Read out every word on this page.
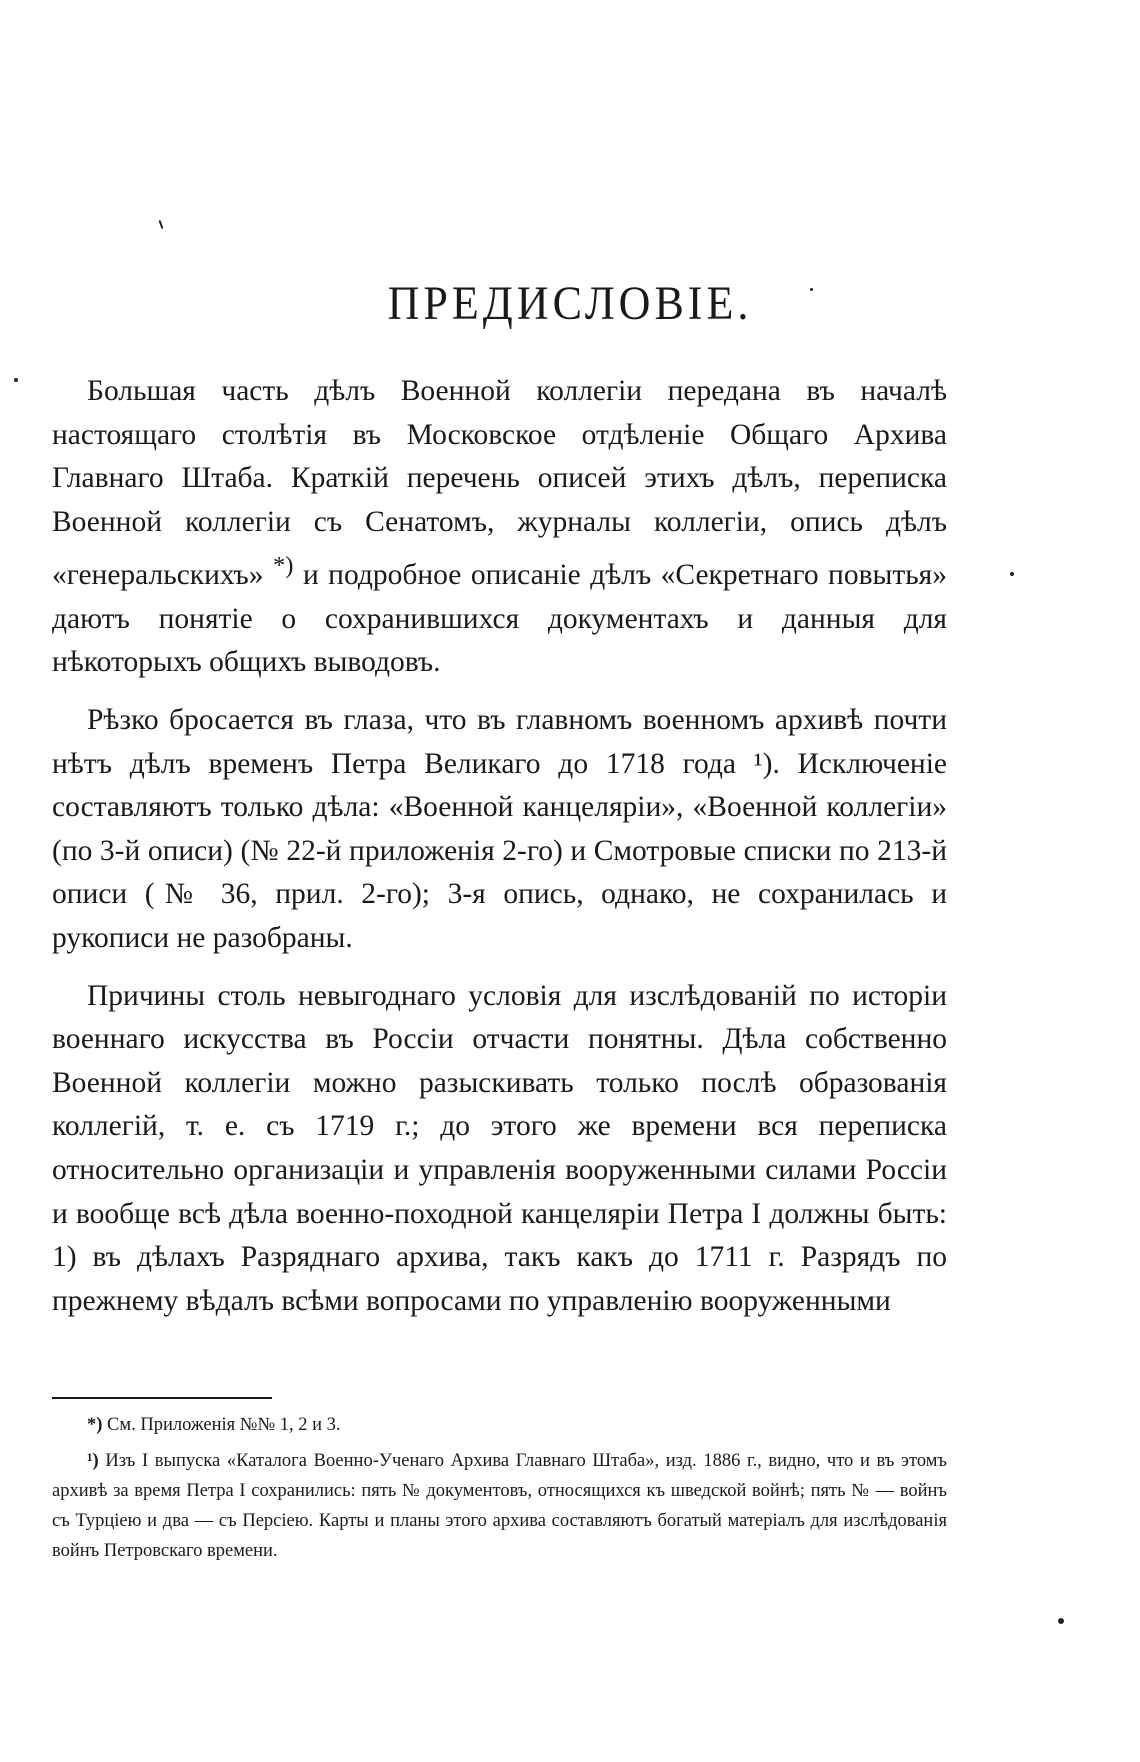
ПРЕДИСЛОВІЕ.

Большая часть дѣлъ Военной коллегіи передана въ началѣ настоящаго столѣтія въ Московское отдѣленіе Общаго Архива Главнаго Штаба. Краткій перечень описей этихъ дѣлъ, переписка Военной коллегіи съ Сенатомъ, журналы коллегіи, опись дѣлъ «генеральскихъ» *) и подробное описаніе дѣлъ «Секретнаго повытья» даютъ понятіе о сохранившихся документахъ и данныя для нѣкоторыхъ общихъ выводовъ.

Рѣзко бросается въ глаза, что въ главномъ военномъ архивѣ почти нѣтъ дѣлъ временъ Петра Великаго до 1718 года ¹). Исключеніе составляютъ только дѣла: «Военной канцеляріи», «Военной коллегіи» (по 3-й описи) (№ 22-й приложенія 2-го) и Смотровые списки по 213-й описи (№ 36, прил. 2-го); 3-я опись, однако, не сохранилась и рукописи не разобраны.

Причины столь невыгоднаго условія для изслѣдованій по исторіи военнаго искусства въ Россіи отчасти понятны. Дѣла собственно Военной коллегіи можно разыскивать только послѣ образованія коллегій, т. е. съ 1719 г.; до этого же времени вся переписка относительно организаціи и управленія вооруженными силами Россіи и вообще всѣ дѣла военно-походной канцеляріи Петра I должны быть: 1) въ дѣлахъ Разряднаго архива, такъ какъ до 1711 г. Разрядъ по прежнему вѣдалъ всѣми вопросами по управленію вооруженными

*) См. Приложенія №№ 1, 2 и 3.

¹) Изъ I выпуска «Каталога Военно-Ученаго Архива Главнаго Штаба», изд. 1886 г., видно, что и въ этомъ архивѣ за время Петра I сохранились: пять № документовъ, относящихся къ шведской войнѣ; пять № — войнъ съ Турціею и два — съ Персіею. Карты и планы этого архива составляютъ богатый матеріалъ для изслѣдованія войнъ Петровскаго времени.
